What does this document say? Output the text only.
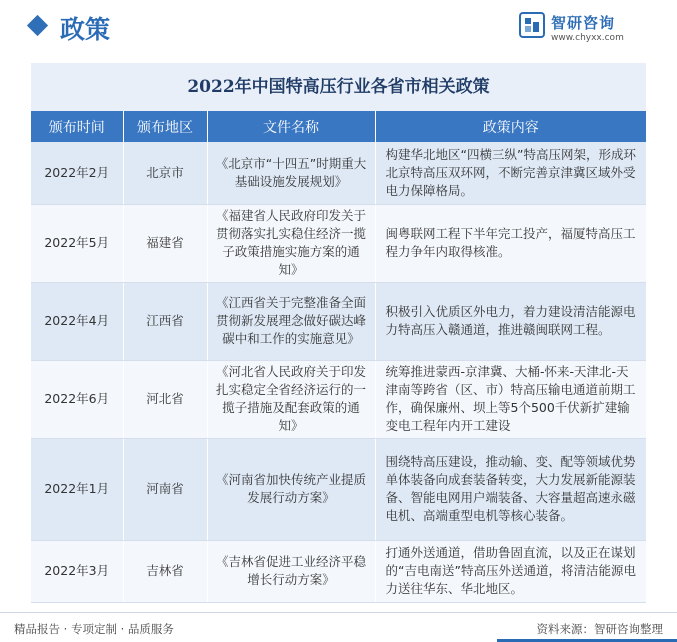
政策	智研咨询
www.chyxx.com
2022年中国特高压行业各省市相关政策
颁布时间	颁布地区	文件名称	政策内容
2022年2月	北京市	《北京市“十四五”时期重大基础设施发展规划》	构建华北地区“四横三纵”特高压网架，形成环北京特高压双环网，不断完善京津冀区域外受电力保障格局。
2022年5月	福建省	《福建省人民政府印发关于贯彻落实扎实稳住经济一揽子政策措施实施方案的通知》	闽粤联网工程下半年完工投产，福厦特高压工程力争年内取得核准。
2022年4月	江西省	《江西省关于完整准备全面贯彻新发展理念做好碳达峰碳中和工作的实施意见》	积极引入优质区外电力，着力建设清洁能源电力特高压入赣通道，推进赣闽联网工程。
2022年6月	河北省	《河北省人民政府关于印发扎实稳定全省经济运行的一揽子措施及配套政策的通知》	统筹推进蒙西-京津冀、大桶-怀来-天津北-天津南等跨省（区、市）特高压输电通道前期工作，确保廉州、坝上等5个500千伏新扩建输变电工程年内开工建设
2022年1月	河南省	《河南省加快传统产业提质发展行动方案》	围绕特高压建设，推动输、变、配等领域优势单体装备向成套装备转变，大力发展新能源装备、智能电网用户端装备、大容量超高速永磁电机、高端重型电机等核心装备。
2022年3月	吉林省	《吉林省促进工业经济平稳增长行动方案》	打通外送通道，借助鲁固直流，以及正在谋划的“吉电南送”特高压外送通道，将清洁能源电力送往华东、华北地区。
精品报告 · 专项定制 · 品质服务	资料来源：智研咨询整理
